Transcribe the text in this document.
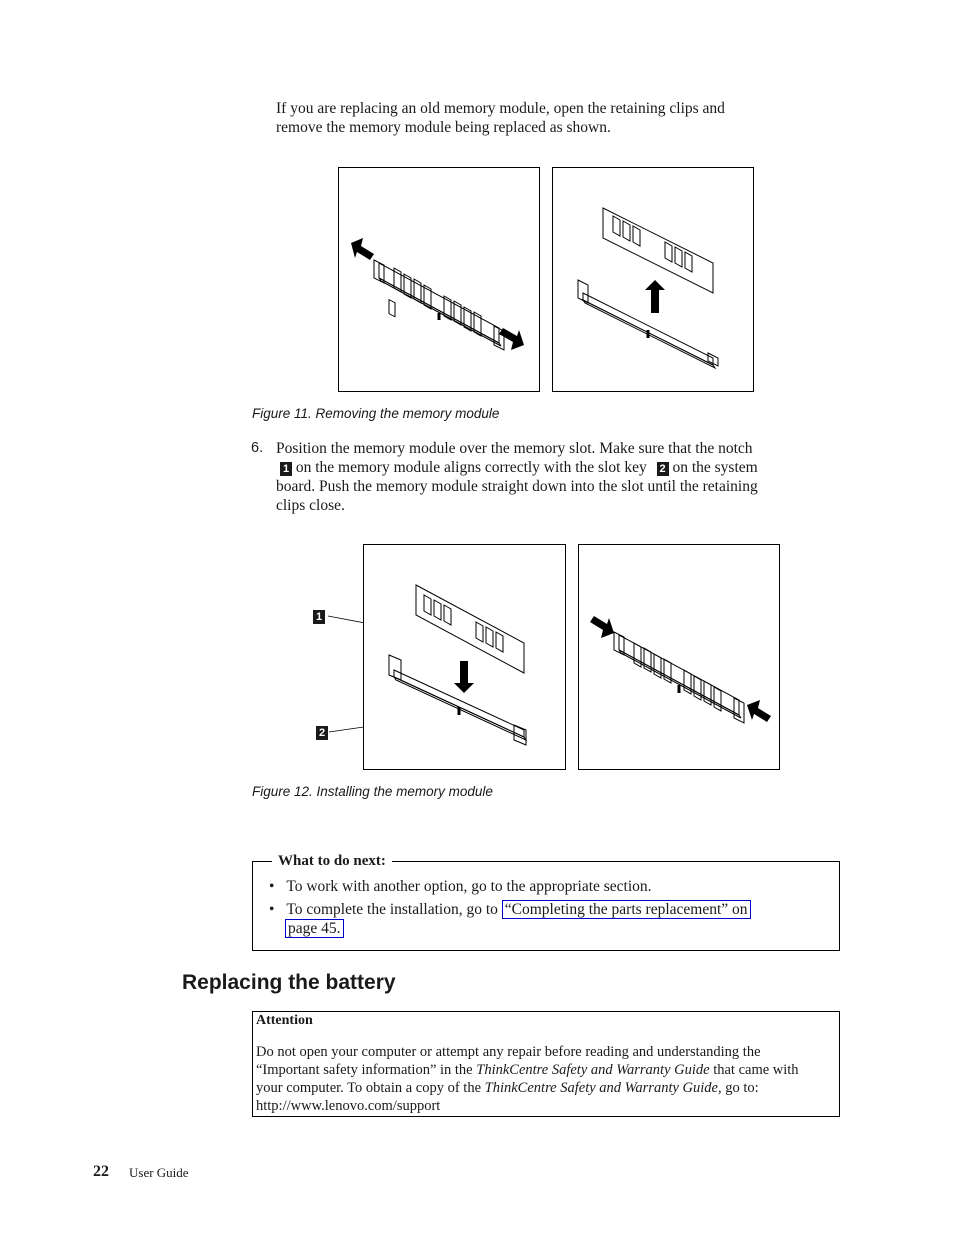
If you are replacing an old memory module, open the retaining clips and
remove the memory module being replaced as shown.
Figure 11. Removing the memory module
6. Position the memory module over the memory slot. Make sure that the notch
1 on the memory module aligns correctly with the slot key 2 on the system
board. Push the memory module straight down into the slot until the retaining
clips close.
1
2
Figure 12. Installing the memory module
What to do next:
• To work with another option, go to the appropriate section.
• To complete the installation, go to “Completing the parts replacement” on
page 45.
Replacing the battery
Attention
Do not open your computer or attempt any repair before reading and understanding the
“Important safety information” in the ThinkCentre Safety and Warranty Guide that came with
your computer. To obtain a copy of the ThinkCentre Safety and Warranty Guide, go to:
http://www.lenovo.com/support
22 User Guide
